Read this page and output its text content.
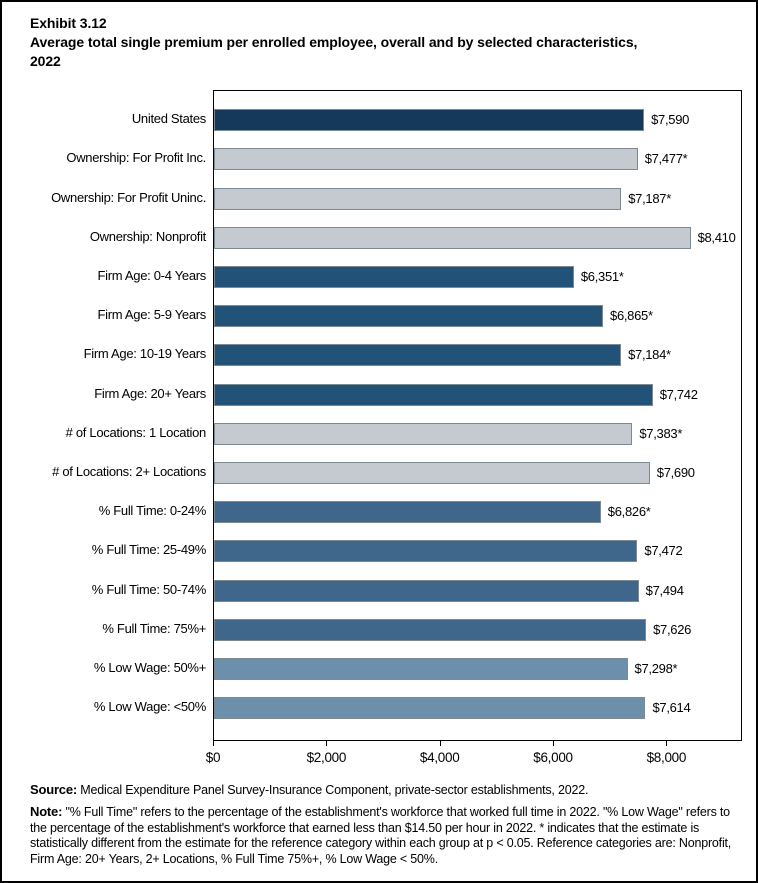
Exhibit 3.12
Average total single premium per enrolled employee, overall and by selected characteristics, 2022
$7,590
$7,477*
$7,187*
$8,410
$6,351*
$6,865*
$7,184*
$7,742
$7,383*
$7,690
$6,826*
$7,472
$7,494
$7,626
$7,298*
$7,614
United States
Ownership: For Profit Inc.
Ownership: For Profit Uninc.
Ownership: Nonprofit
Firm Age: 0-4 Years
Firm Age: 5-9 Years
Firm Age: 10-19 Years
Firm Age: 20+ Years
# of Locations: 1 Location
# of Locations: 2+ Locations
% Full Time: 0-24%
% Full Time: 25-49%
% Full Time: 50-74%
% Full Time: 75%+
% Low Wage: 50%+
% Low Wage: <50%
$0	$2,000	$4,000	$6,000	$8,000

Source: Medical Expenditure Panel Survey-Insurance Component, private-sector establishments, 2022.

Note: "% Full Time" refers to the percentage of the establishment's workforce that worked full time in 2022. "% Low Wage" refers to the percentage of the establishment's workforce that earned less than $14.50 per hour in 2022. * indicates that the estimate is statistically different from the estimate for the reference category within each group at p < 0.05. Reference categories are: Nonprofit, Firm Age: 20+ Years, 2+ Locations, % Full Time 75%+, % Low Wage < 50%.
